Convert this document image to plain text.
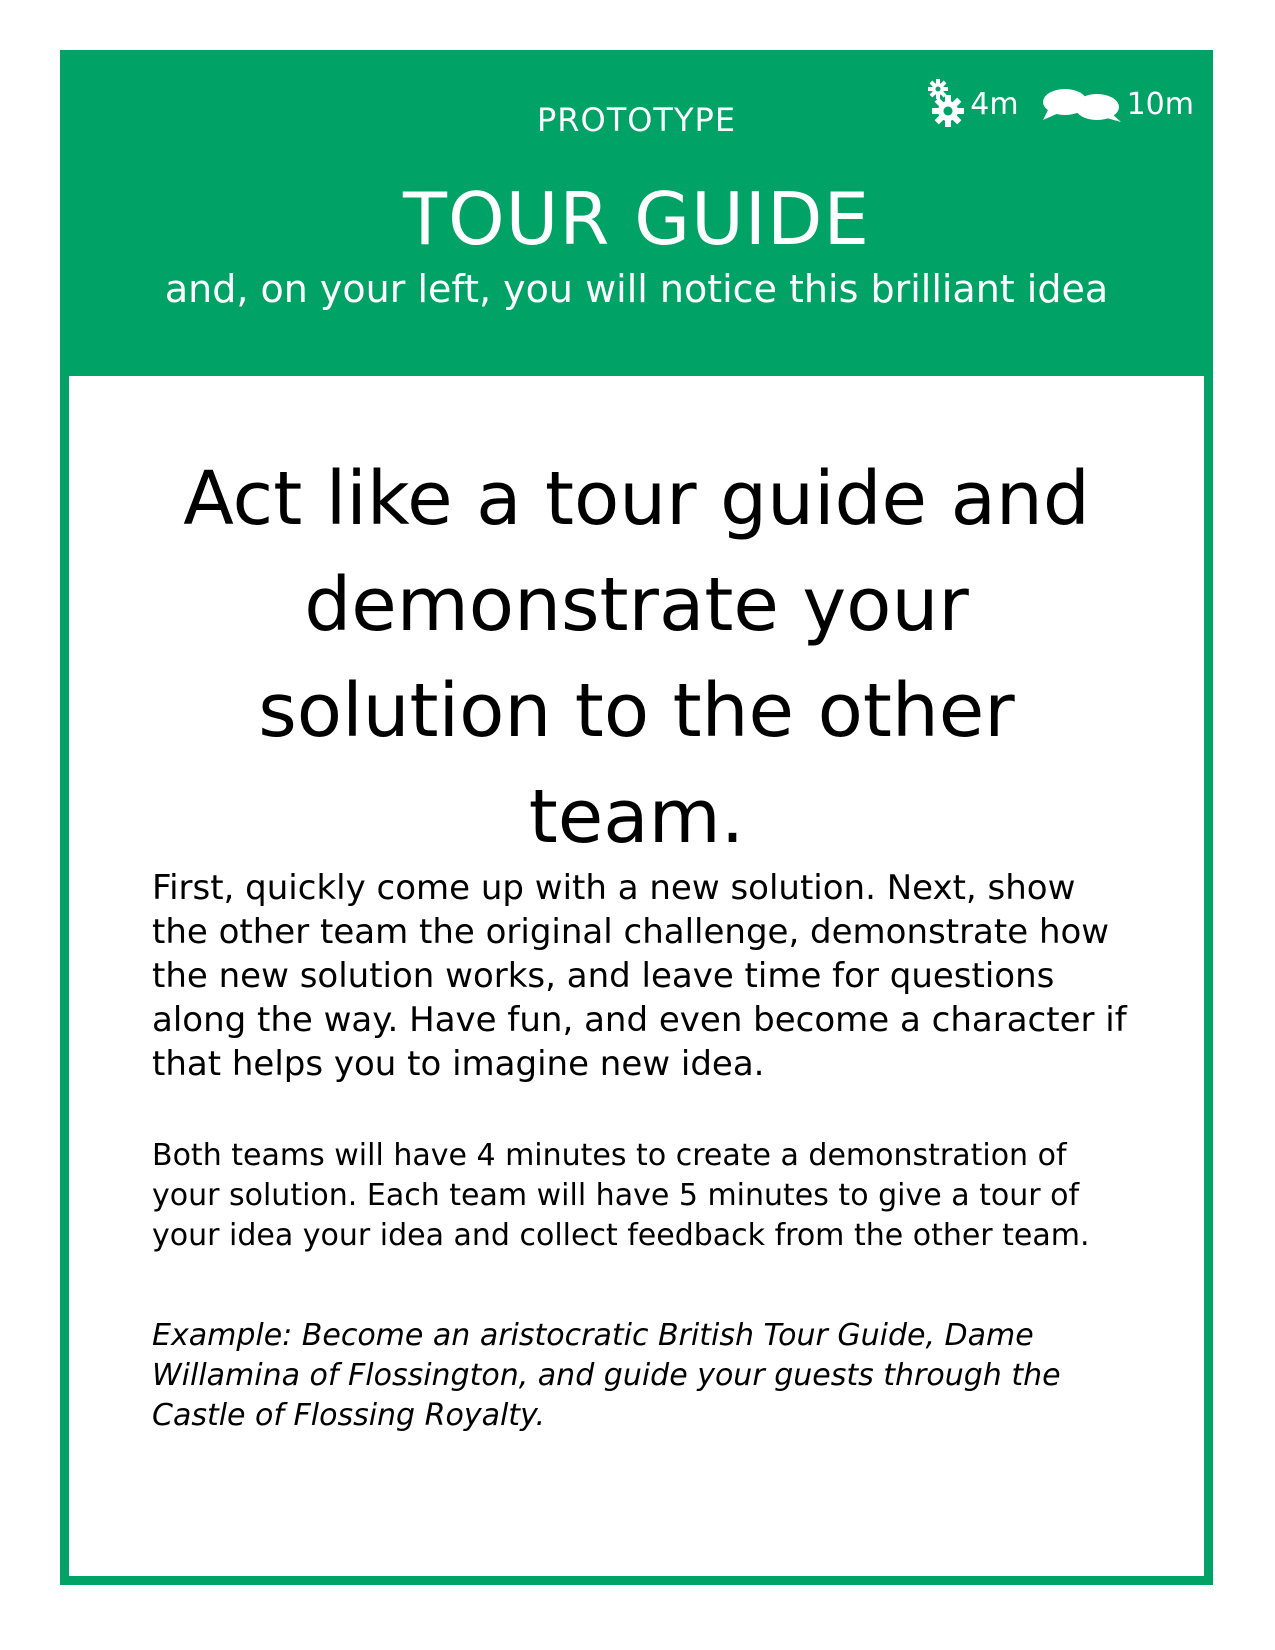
PROTOTYPE	4m	10m
TOUR GUIDE

and, on your left, you will notice this brilliant idea

Act like a tour guide and demonstrate your solution to the other team.

First, quickly come up with a new solution. Next, show the other team the original challenge, demonstrate how the new solution works, and leave time for questions along the way. Have fun, and even become a character if that helps you to imagine new idea.

Both teams will have 4 minutes to create a demonstration of your solution. Each team will have 5 minutes to give a tour of your idea your idea and collect feedback from the other team.

Example: Become an aristocratic British Tour Guide, Dame Willamina of Flossington, and guide your guests through the Castle of Flossing Royalty.
